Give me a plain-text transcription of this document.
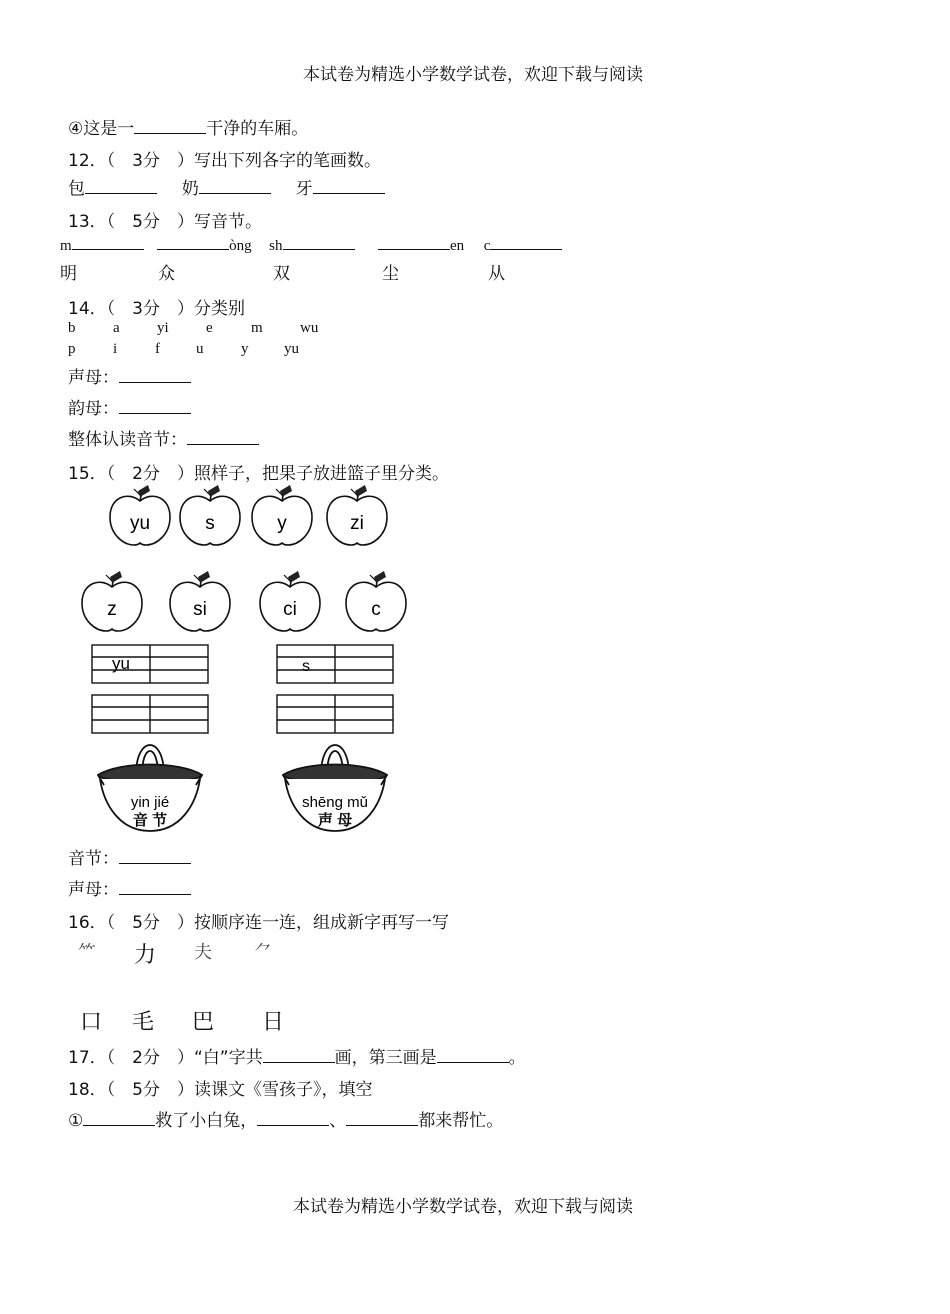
本试卷为精选小学数学试卷，欢迎下载与阅读
④这是一	干净的车厢。
12．（　3分　）写出下列各字的笔画数。
包	奶	牙
13．（　5分　）写音节。
m	òng sh	en c
明	众	双	尘	从
14．（　3分　）分类别
b	a yi e	m wu
p	i	f u	y yu
声母：
韵母：
整体认读音节：
15．（　2分　）照样子，把果子放进篮子里分类。
yu	s	y	zi
z	si	ci	c
yu	s
yin jié
音 节
shēng mǔ
声 母
音节：
声母：
16．（　5分　）按顺序连一连，组成新字再写一写
⺮ 力 夫 ⺈
口 毛 巴 日
17．（　2分　）“白”字共	画，第三画是	。
18．（　5分　）读课文《雪孩子》，填空
①	救了小白兔，	、	都来帮忙。
本试卷为精选小学数学试卷，欢迎下载与阅读
